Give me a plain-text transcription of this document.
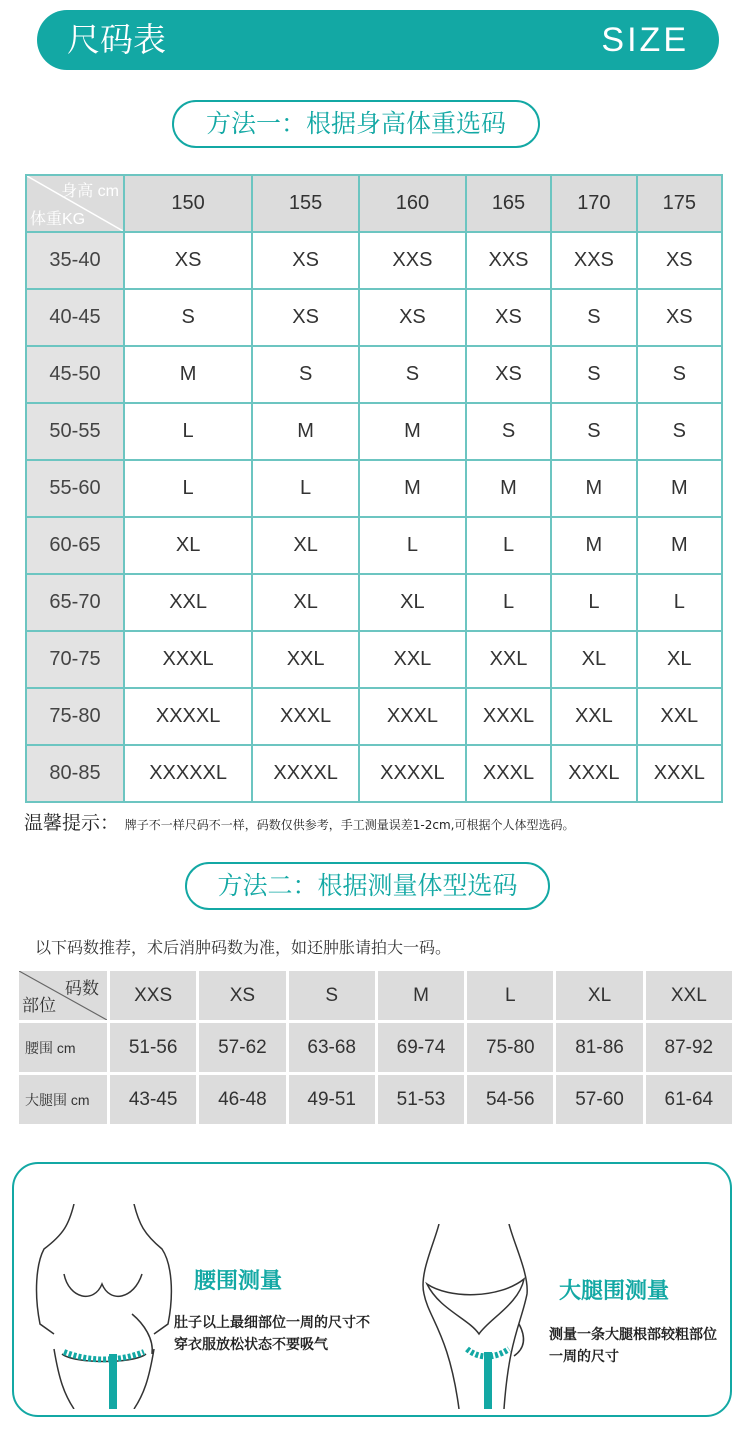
尺码表	SIZE
方法一：根据身高体重选码
身高 cm
体重KG	150	155	160	165	170	175
35-40	XS	XS	XXS	XXS	XXS	XS
40-45	S	XS	XS	XS	S	XS
45-50	M	S	S	XS	S	S
50-55	L	M	M	S	S	S
55-60	L	L	M	M	M	M
60-65	XL	XL	L	L	M	M
65-70	XXL	XL	XL	L	L	L
70-75	XXXL	XXL	XXL	XXL	XL	XL
75-80	XXXXL	XXXL	XXXL	XXXL	XXL	XXL
80-85	XXXXXL	XXXXL	XXXXL	XXXL	XXXL	XXXL
温馨提示： 牌子不一样尺码不一样，码数仅供参考，手工测量误差1-2cm,可根据个人体型选码。
方法二：根据测量体型选码
以下码数推荐，术后消肿码数为准，如还肿胀请拍大一码。
码数
部位	XXS	XS	S	M	L	XL	XXL
腰围 cm	51-56	57-62	63-68	69-74	75-80	81-86	87-92
大腿围 cm	43-45	46-48	49-51	51-53	54-56	57-60	61-64
腰围测量
肚子以上最细部位一周的尺寸不穿衣服放松状态不要吸气
大腿围测量
测量一条大腿根部较粗部位一周的尺寸
